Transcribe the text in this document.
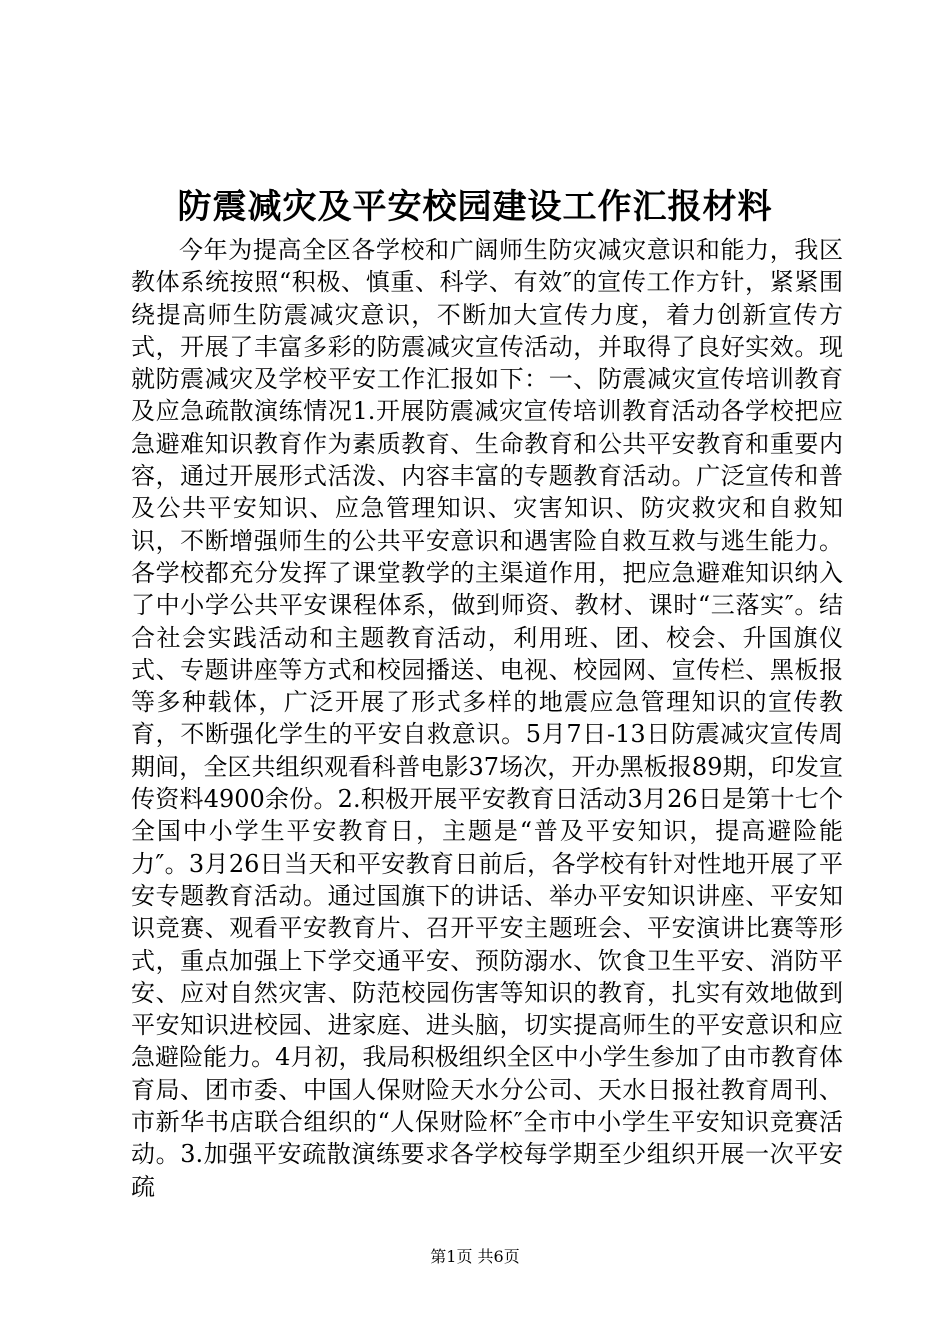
防震减灾及平安校园建设工作汇报材料

今年为提高全区各学校和广阔师生防灾减灾意识和能力，我区教体系统按照“积极、慎重、科学、有效″的宣传工作方针，紧紧围绕提高师生防震减灾意识，不断加大宣传力度，着力创新宣传方式，开展了丰富多彩的防震减灾宣传活动，并取得了良好实效。现就防震减灾及学校平安工作汇报如下：一、防震减灾宣传培训教育及应急疏散演练情况1.开展防震减灾宣传培训教育活动各学校把应急避难知识教育作为素质教育、生命教育和公共平安教育和重要内容，通过开展形式活泼、内容丰富的专题教育活动。广泛宣传和普及公共平安知识、应急管理知识、灾害知识、防灾救灾和自救知识，不断增强师生的公共平安意识和遇害险自救互救与逃生能力。各学校都充分发挥了课堂教学的主渠道作用，把应急避难知识纳入了中小学公共平安课程体系，做到师资、教材、课时“三落实″。结合社会实践活动和主题教育活动，利用班、团、校会、升国旗仪式、专题讲座等方式和校园播送、电视、校园网、宣传栏、黑板报等多种载体，广泛开展了形式多样的地震应急管理知识的宣传教育，不断强化学生的平安自救意识。5月7日-13日防震减灾宣传周期间，全区共组织观看科普电影37场次，开办黑板报89期，印发宣传资料4900余份。2.积极开展平安教育日活动3月26日是第十七个全国中小学生平安教育日，主题是“普及平安知识，提高避险能力″。3月26日当天和平安教育日前后，各学校有针对性地开展了平安专题教育活动。通过国旗下的讲话、举办平安知识讲座、平安知识竞赛、观看平安教育片、召开平安主题班会、平安演讲比赛等形式，重点加强上下学交通平安、预防溺水、饮食卫生平安、消防平安、应对自然灾害、防范校园伤害等知识的教育，扎实有效地做到平安知识进校园、进家庭、进头脑，切实提高师生的平安意识和应急避险能力。4月初，我局积极组织全区中小学生参加了由市教育体育局、团市委、中国人保财险天水分公司、天水日报社教育周刊、市新华书店联合组织的“人保财险杯″全市中小学生平安知识竞赛活动。3.加强平安疏散演练要求各学校每学期至少组织开展一次平安疏

第1页 共6页
